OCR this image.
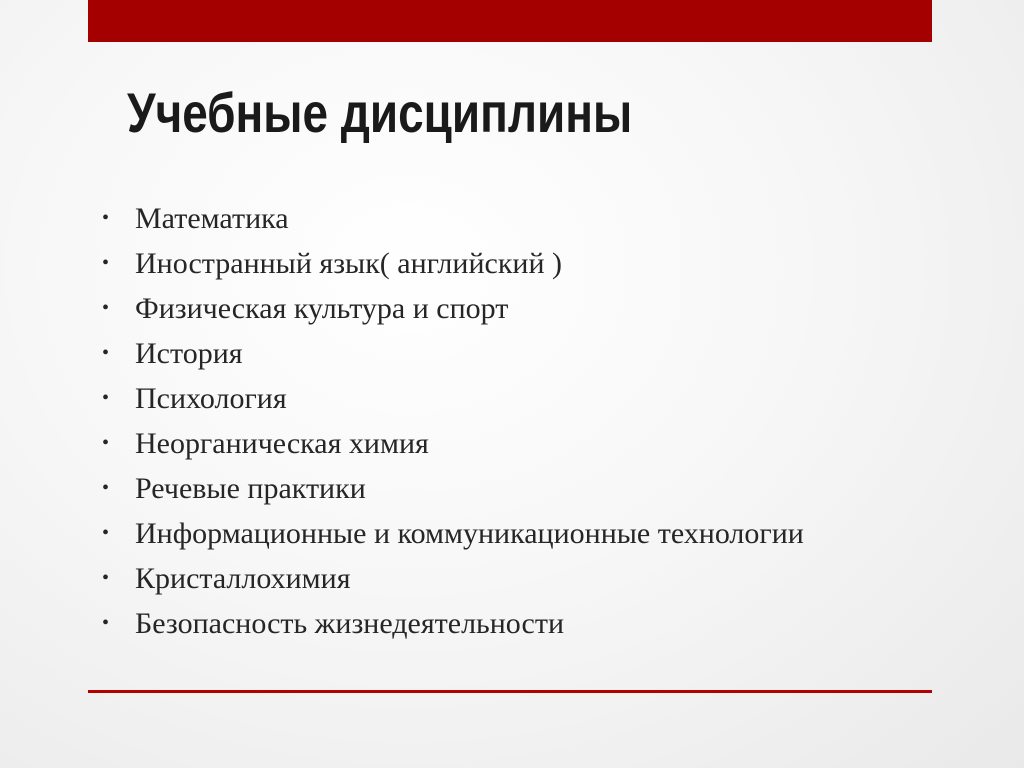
Учебные дисциплины
• Математика
• Иностранный язык( английский )
• Физическая культура и спорт
• История
• Психология
• Неорганическая химия
• Речевые практики
• Информационные и коммуникационные технологии
• Кристаллохимия
• Безопасность жизнедеятельности
